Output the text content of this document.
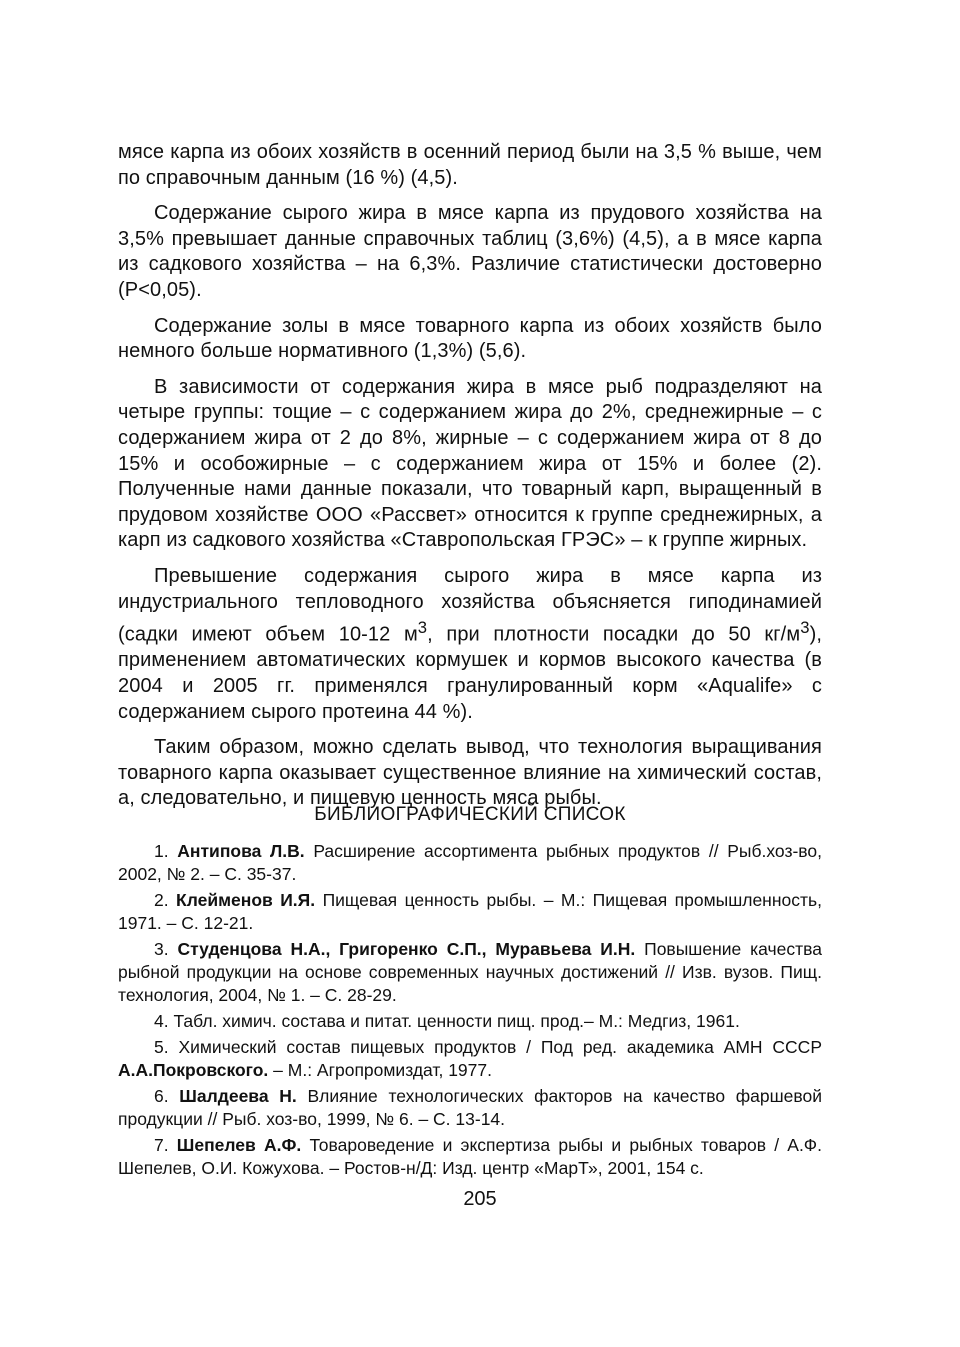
мясе карпа из обоих хозяйств в осенний период были на 3,5 % выше, чем по справочным данным (16 %) (4,5).

Содержание сырого жира в мясе карпа из прудового хозяйства на 3,5% превышает данные справочных таблиц (3,6%) (4,5), а в мясе карпа из садкового хозяйства – на 6,3%. Различие статистически достоверно (P<0,05).

Содержание золы в мясе товарного карпа из обоих хозяйств было немного больше нормативного (1,3%) (5,6).

В зависимости от содержания жира в мясе рыб подразделяют на четыре группы: тощие – с содержанием жира до 2%, среднежирные – с содержанием жира от 2 до 8%, жирные – с содержанием жира от 8 до 15% и особожирные – с содержанием жира от 15% и более (2). Полученные нами данные показали, что товарный карп, выращенный в прудовом хозяйстве ООО «Рассвет» относится к группе среднежирных, а карп из садкового хозяйства «Ставропольская ГРЭС» – к группе жирных.

Превышение содержания сырого жира в мясе карпа из индустриального тепловодного хозяйства объясняется гиподинамией (садки имеют объем 10-12 $м^3$, при плотности посадки до 50 $кг/м^3$), применением автоматических кормушек и кормов высокого качества (в 2004 и 2005 гг. применялся гранулированный корм «Aqualife» с содержанием сырого протеина 44 %).

Таким образом, можно сделать вывод, что технология выращивания товарного карпа оказывает существенное влияние на химический состав, а, следовательно, и пищевую ценность мяса рыбы.

БИБЛИОГРАФИЧЕСКИЙ СПИСОК

1. Антипова Л.В. Расширение ассортимента рыбных продуктов // Рыб.хоз-во, 2002, № 2. – С. 35-37.

2. Клейменов И.Я. Пищевая ценность рыбы. – М.: Пищевая промышленность, 1971. – С. 12-21.

3. Студенцова Н.А., Григоренко С.П., Муравьева И.Н. Повышение качества рыбной продукции на основе современных научных достижений // Изв. вузов. Пищ. технология, 2004, № 1. – С. 28-29.

4. Табл. химич. состава и питат. ценности пищ. прод.– М.: Медгиз, 1961.

5. Химический состав пищевых продуктов / Под ред. академика АМН СССР А.А.Покровского. – М.: Агропромиздат, 1977.

6. Шалдеева Н. Влияние технологических факторов на качество фаршевой продукции // Рыб. хоз-во, 1999, № 6. – С. 13-14.

7. Шепелев А.Ф. Товароведение и экспертиза рыбы и рыбных товаров / А.Ф. Шепелев, О.И. Кожухова. – Ростов-н/Д: Изд. центр «МарТ», 2001, 154 с.

205
